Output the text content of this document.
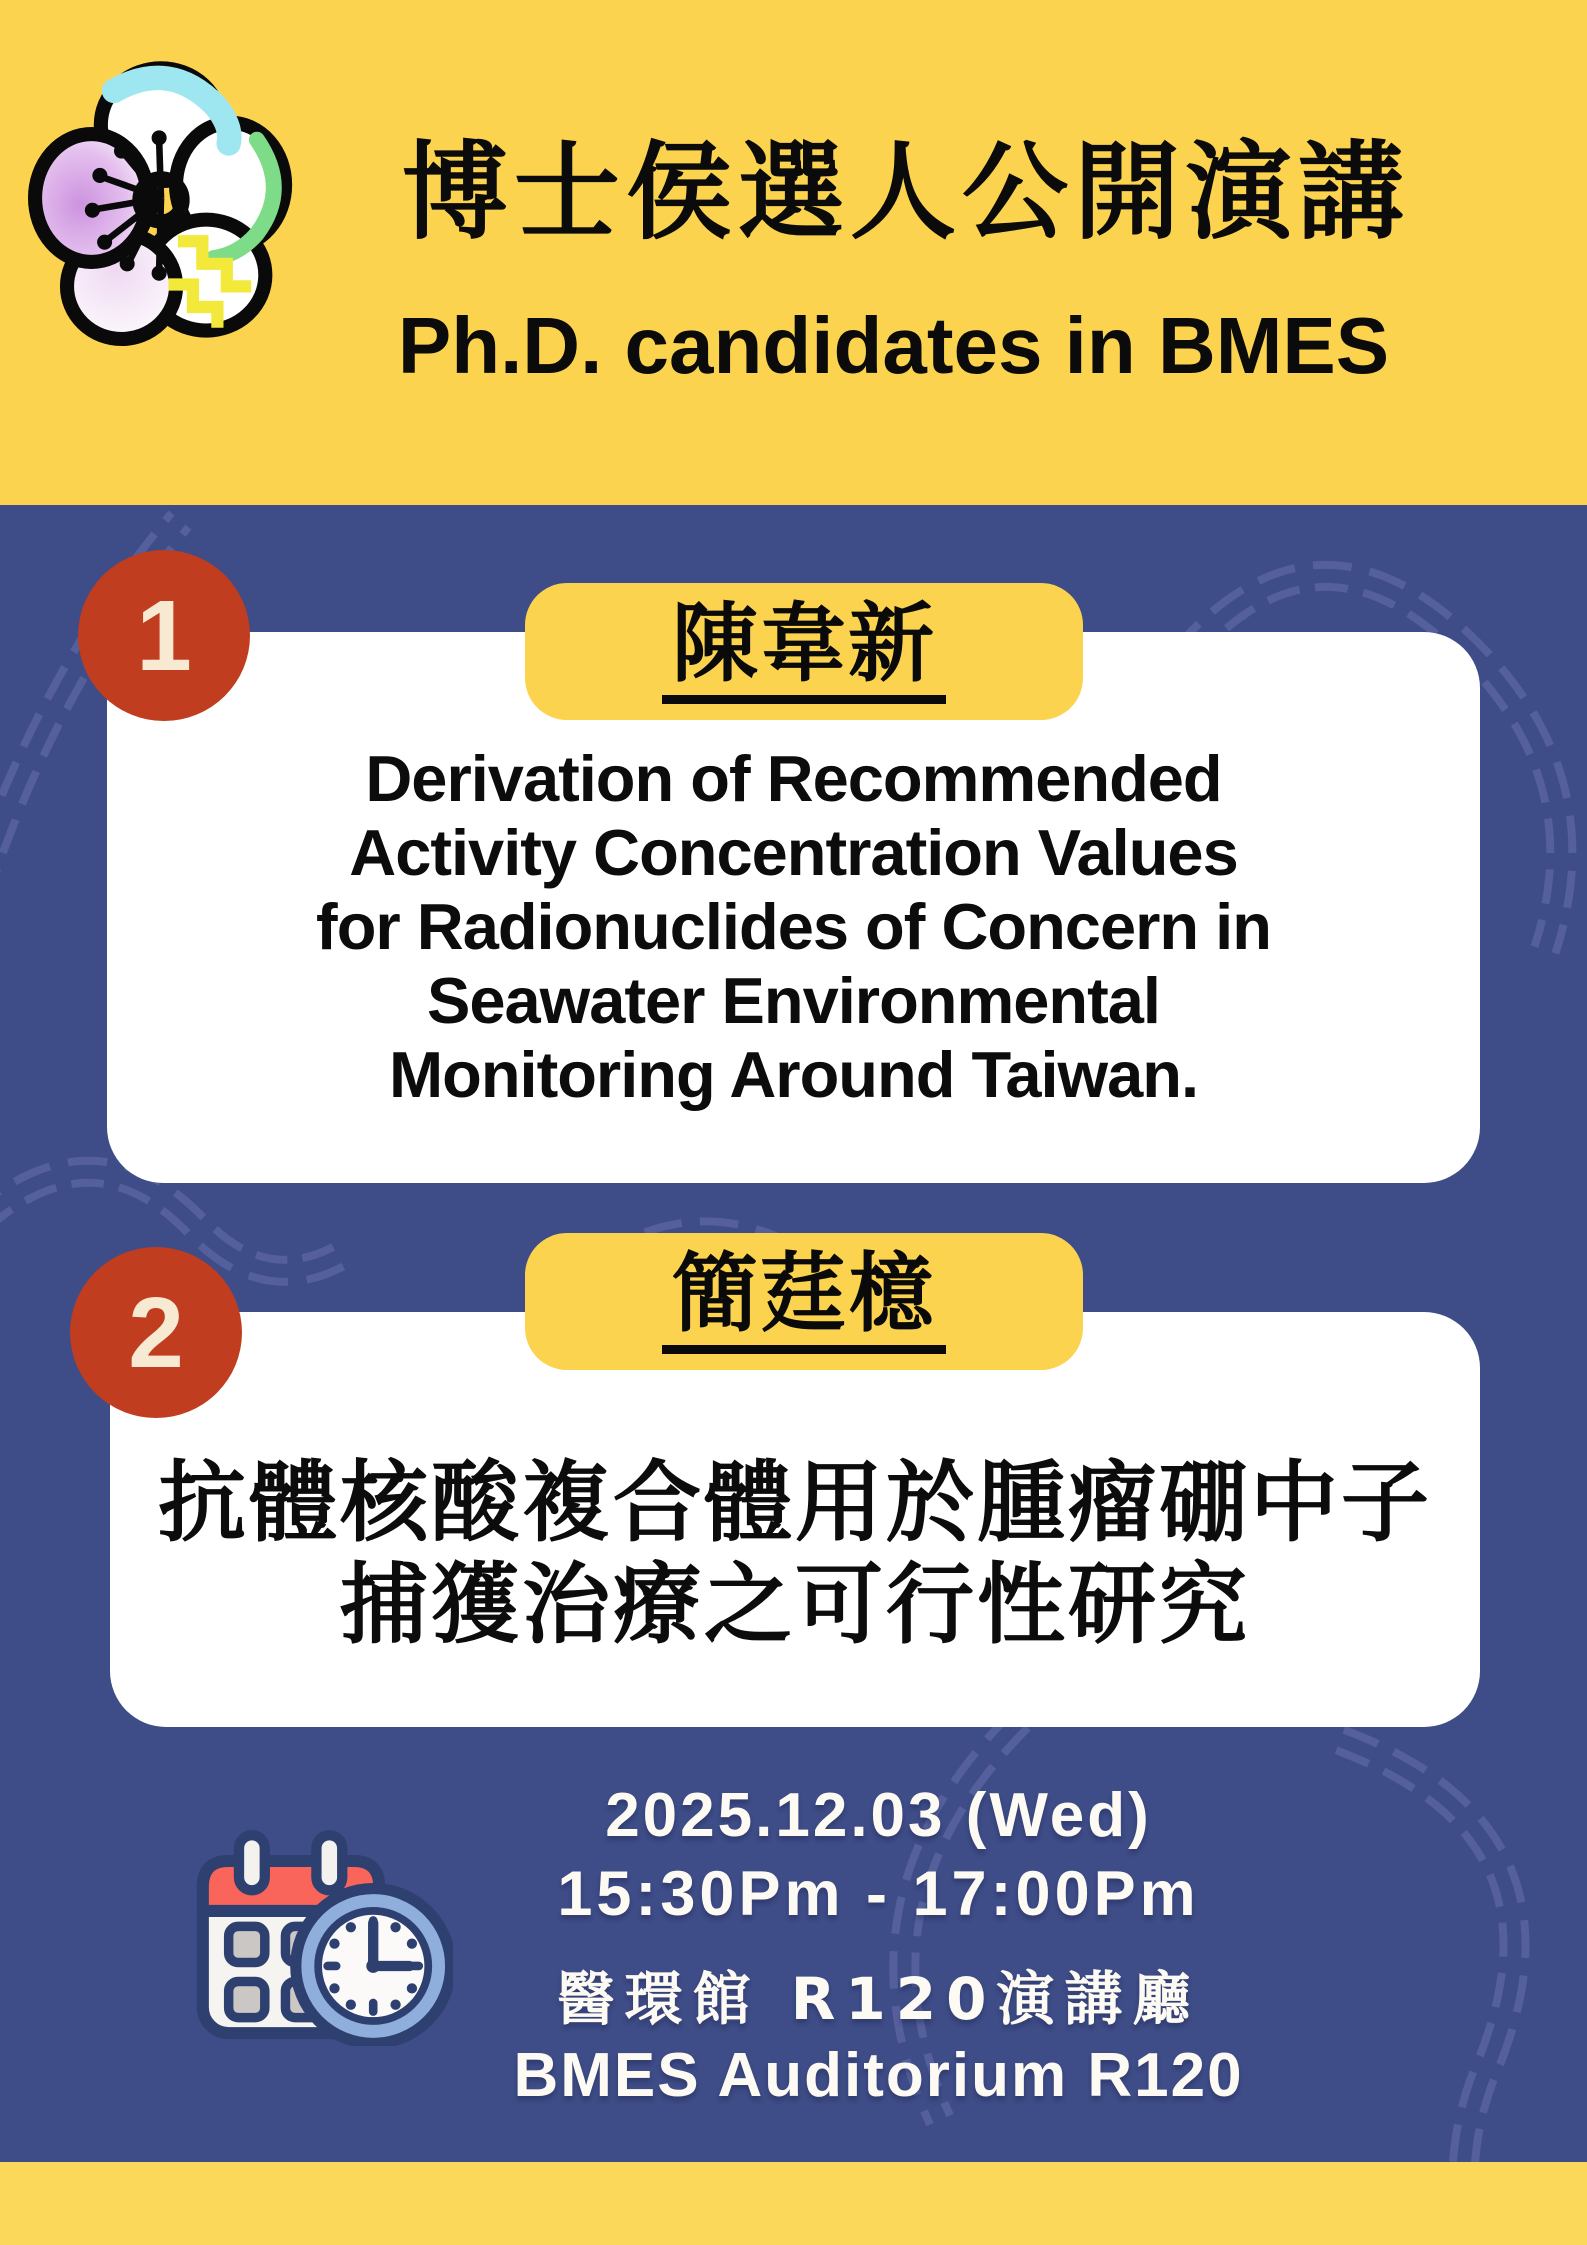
博士侯選人公開演講
Ph.D. candidates in BMES
Derivation of Recommended
Activity Concentration Values
for Radionuclides of Concern in
Seawater Environmental
Monitoring Around Taiwan.
陳韋新
1
抗體核酸複合體用於腫瘤硼中子
捕獲治療之可行性研究
簡莛檍
2
2025.12.03 (Wed)
15:30Pm - 17:00Pm
醫環館 R120演講廳
BMES Auditorium R120
